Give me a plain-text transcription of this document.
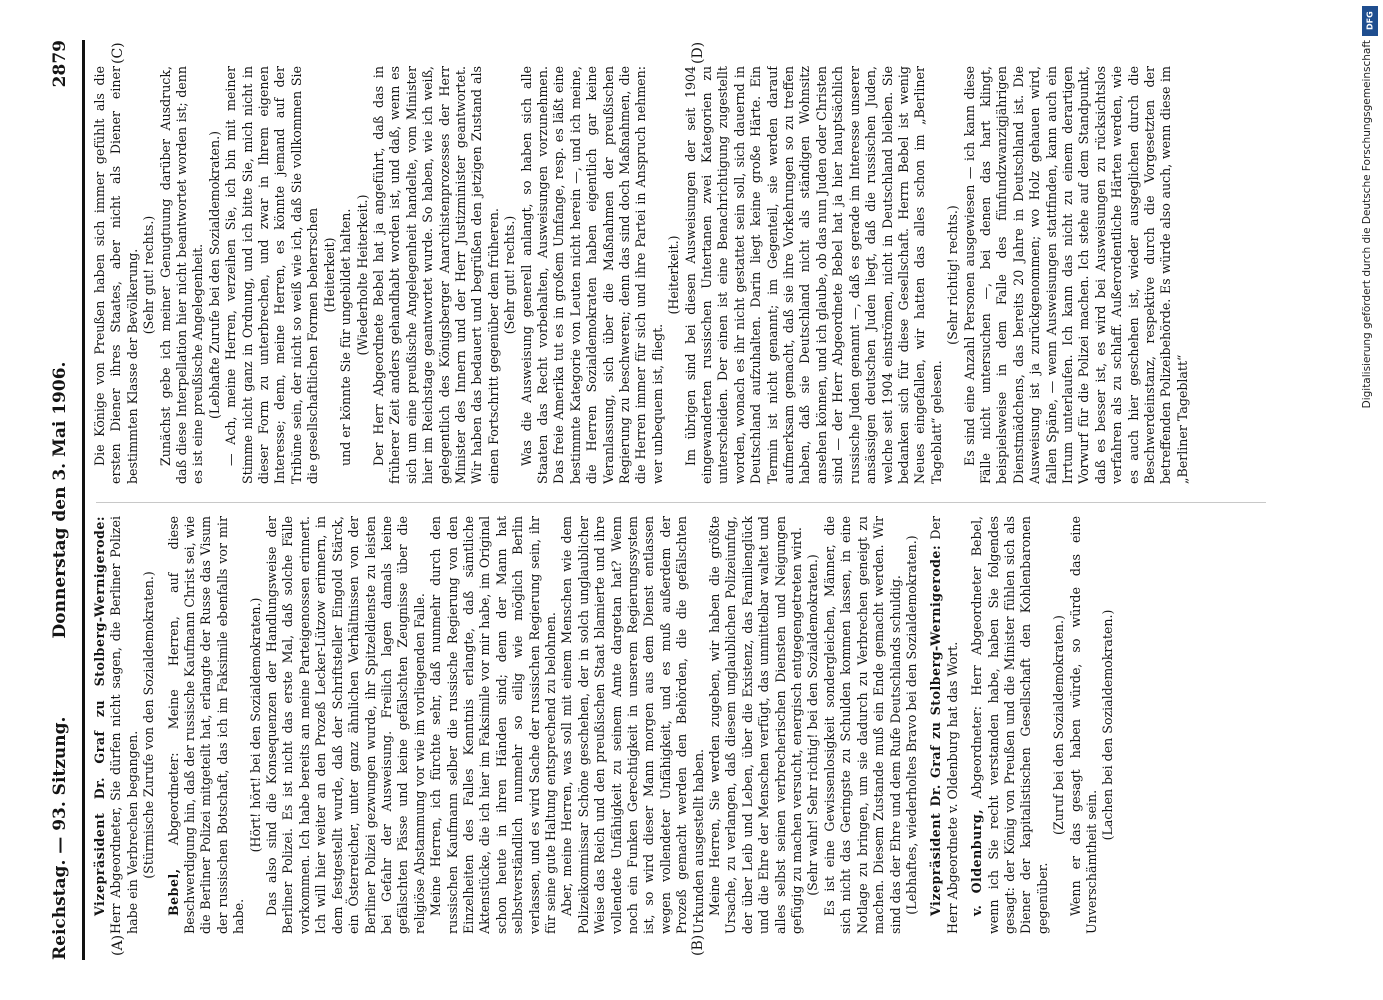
Reichstag. — 93. Sitzung.
Donnerstag den 3. Mai 1906.
2879
(A)	(B)
(C)	(D)

Vizepräsident Dr. Graf zu Stolberg-Wernigerode: Herr Abgeordneter, Sie dürfen nicht sagen, die Berliner Polizei habe ein Verbrechen begangen. (Stürmische Zurufe von den Sozialdemokraten.)

Bebel, Abgeordneter: Meine Herren, auf diese Beschwerdigung hin, daß der russische Kaufmann Christ sei, wie die Berliner Polizei mitgeteilt hat, erlangte der Russe das Visum der russischen Botschaft, das ich im Faksimile ebenfalls vor mir habe.

(Hört! hört! bei den Sozialdemokraten.) Das also sind die Konsequenzen der Handlungsweise der Berliner Polizei. Es ist nicht das erste Mal, daß solche Fälle vorkommen. Ich habe bereits an meine Parteigenossen erinnert. Ich will hier weiter an den Prozeß Lecker-Lützow erinnern, in dem festgestellt wurde, daß der Schriftsteller Eingold Stärck, ein Österreicher, unter ganz ähnlichen Verhältnissen von der Berliner Polizei gezwungen wurde, ihr Spitzeldienste zu leisten bei Gefahr der Ausweisung. Freilich lagen damals keine gefälschten Pässe und keine gefälschten Zeugnisse über die religiöse Abstammung vor wie im vorliegenden Falle. Meine Herren, ich fürchte sehr, daß nunmehr durch den russischen Kaufmann selber die russische Regierung von den Einzelheiten des Falles Kenntnis erlangte, daß sämtliche Aktenstücke, die ich hier im Faksimile vor mir habe, im Original schon heute in ihren Händen sind; denn der Mann hat selbstverständlich nunmehr so eilig wie möglich Berlin verlassen, und es wird Sache der russischen Regierung sein, ihr für seine gute Haltung entsprechend zu belohnen. Aber, meine Herren, was soll mit einem Menschen wie dem Polizeikommissar Schöne geschehen, der in solch unglaublicher Weise das Reich und den preußischen Staat blamierte und ihre vollendete Unfähigkeit zu seinem Amte dargetan hat? Wenn noch ein Funken Gerechtigkeit in unserem Regierungssystem ist, so wird dieser Mann morgen aus dem Dienst entlassen wegen vollendeter Unfähigkeit, und es muß außerdem der Prozeß gemacht werden den Behörden, die die gefälschten Urkunden ausgestellt haben. Meine Herren, Sie werden zugeben, wir haben die größte Ursache, zu verlangen, daß diesem unglaublichen Polizeiunfug, der über Leib und Leben, über die Existenz, das Familienglück und die Ehre der Menschen verfügt, das unmittelbar waltet und alles selbst seinen verbrecherischen Diensten und Neigungen gefügig zu machen versucht, energisch entgegengetreten wird. (Sehr wahr! Sehr richtig! bei den Sozialdemokraten.) Es ist eine Gewissenlosigkeit sondergleichen, Männer, die sich nicht das Geringste zu Schulden kommen lassen, in eine Notlage zu bringen, um sie dadurch zu Verbrechen geneigt zu machen. Diesem Zustande muß ein Ende gemacht werden. Wir sind das der Ehre und dem Rufe Deutschlands schuldig. (Lebhaftes, wiederholtes Bravo bei den Sozialdemokraten.) Vizepräsident Dr. Graf zu Stolberg-Wernigerode: Der Herr Abgeordnete v. Oldenburg hat das Wort. v. Oldenburg, Abgeordneter: Herr Abgeordneter Bebel, wenn ich Sie recht verstanden habe, haben Sie folgendes gesagt: der König von Preußen und die Minister fühlen sich als Diener der kapitalistischen Gesellschaft den Kohlenbaronen gegenüber.

(Zuruf bei den Sozialdemokraten.) Wenn er das gesagt haben würde, so würde das eine Unverschämtheit sein.

(Lachen bei den Sozialdemokraten.)

Die Könige von Preußen haben sich immer gefühlt als die ersten Diener ihres Staates, aber nicht als Diener einer bestimmten Klasse der Bevölkerung. (Sehr gut! rechts.) Zunächst gebe ich meiner Genugtuung darüber Ausdruck, daß diese Interpellation hier nicht beantwortet worden ist; denn es ist eine preußische Angelegenheit. (Lebhafte Zurufe bei den Sozialdemokraten.) — Ach, meine Herren, verzeihen Sie, ich bin mit meiner Stimme nicht ganz in Ordnung, und ich bitte Sie, mich nicht in dieser Form zu unterbrechen, und zwar in Ihrem eigenen Interesse; denn, meine Herren, es könnte jemand auf der Tribüne sein, der nicht so weiß wie ich, daß Sie vollkommen Sie die gesellschaftlichen Formen beherrschen (Heiterkeit) und er könnte Sie für ungebildet halten. (Wiederholte Heiterkeit.) Der Herr Abgeordnete Bebel hat ja angeführt, daß das in früherer Zeit anders gehandhabt worden ist, und daß, wenn es sich um eine preußische Angelegenheit handelte, vom Minister hier im Reichstage geantwortet wurde. So haben, wie ich weiß, gelegentlich des Königsberger Anarchistenprozesses der Herr Minister des Innern und der Herr Justizminister geantwortet. Wir haben das bedauert und begrüßen den jetzigen Zustand als einen Fortschritt gegenüber dem früheren. (Sehr gut! rechts.) Was die Ausweisung generell anlangt, so haben sich alle Staaten das Recht vorbehalten, Ausweisungen vorzunehmen. Das freie Amerika tut es in großem Umfange, resp. es läßt eine bestimmte Kategorie von Leuten nicht herein —, und ich meine, die Herren Sozialdemokraten haben eigentlich gar keine Veranlassung, sich über die Maßnahmen der preußischen Regierung zu beschweren; denn das sind doch Maßnahmen, die die Herren immer für sich und ihre Partei in Anspruch nehmen: wer unbequem ist, fliegt.

(Heiterkeit.) Im übrigen sind bei diesen Ausweisungen der seit 1904 eingewanderten russischen Untertanen zwei Kategorien zu unterscheiden. Der einen ist eine Benachrichtigung zugestellt worden, wonach es ihr nicht gestattet sein soll, sich dauernd in Deutschland aufzuhalten. Darin liegt keine große Härte. Ein Termin ist nicht genannt; im Gegenteil, sie werden darauf aufmerksam gemacht, daß sie ihre Vorkehrungen so zu treffen haben, daß sie Deutschland nicht als ständigen Wohnsitz ansehen können, und ich glaube, ob das nun Juden oder Christen sind — der Herr Abgeordnete Bebel hat ja hier hauptsächlich russische Juden genannt —, daß es gerade im Interesse unserer ansässigen deutschen Juden liegt, daß die russischen Juden, welche seit 1904 einströmen, nicht in Deutschland bleiben. Sie bedanken sich für diese Gesellschaft. Herrn Bebel ist wenig Neues eingefallen, wir hatten das alles schon im „Berliner Tageblatt“ gelesen.

(Sehr richtig! rechts.) Es sind eine Anzahl Personen ausgewiesen — ich kann diese Fälle nicht untersuchen —, bei denen das hart klingt, beispielsweise in dem Falle des fünfundzwanzigjährigen Dienstmädchens, das bereits 20 Jahre in Deutschland ist. Die Ausweisung ist ja zurückgenommen; wo Holz gehauen wird, fallen Späne, — wenn Ausweisungen stattfinden, kann auch ein Irrtum unterlaufen. Ich kann das nicht zu einem derartigen Vorwurf für die Polizei machen. Ich stehe auf dem Standpunkt, daß es besser ist, es wird bei Ausweisungen zu rücksichtslos verfahren als zu schlaff. Außerordentliche Härten werden, wie es auch hier geschehen ist, wieder ausgeglichen durch die Beschwerdeinstanz, respektive durch die Vorgesetzten der betreffenden Polizeibehörde. Es würde also auch, wenn diese im „Berliner Tageblatt“

Digitalisierung gefördert durch die Deutsche Forschungsgemeinschaft
DFG
